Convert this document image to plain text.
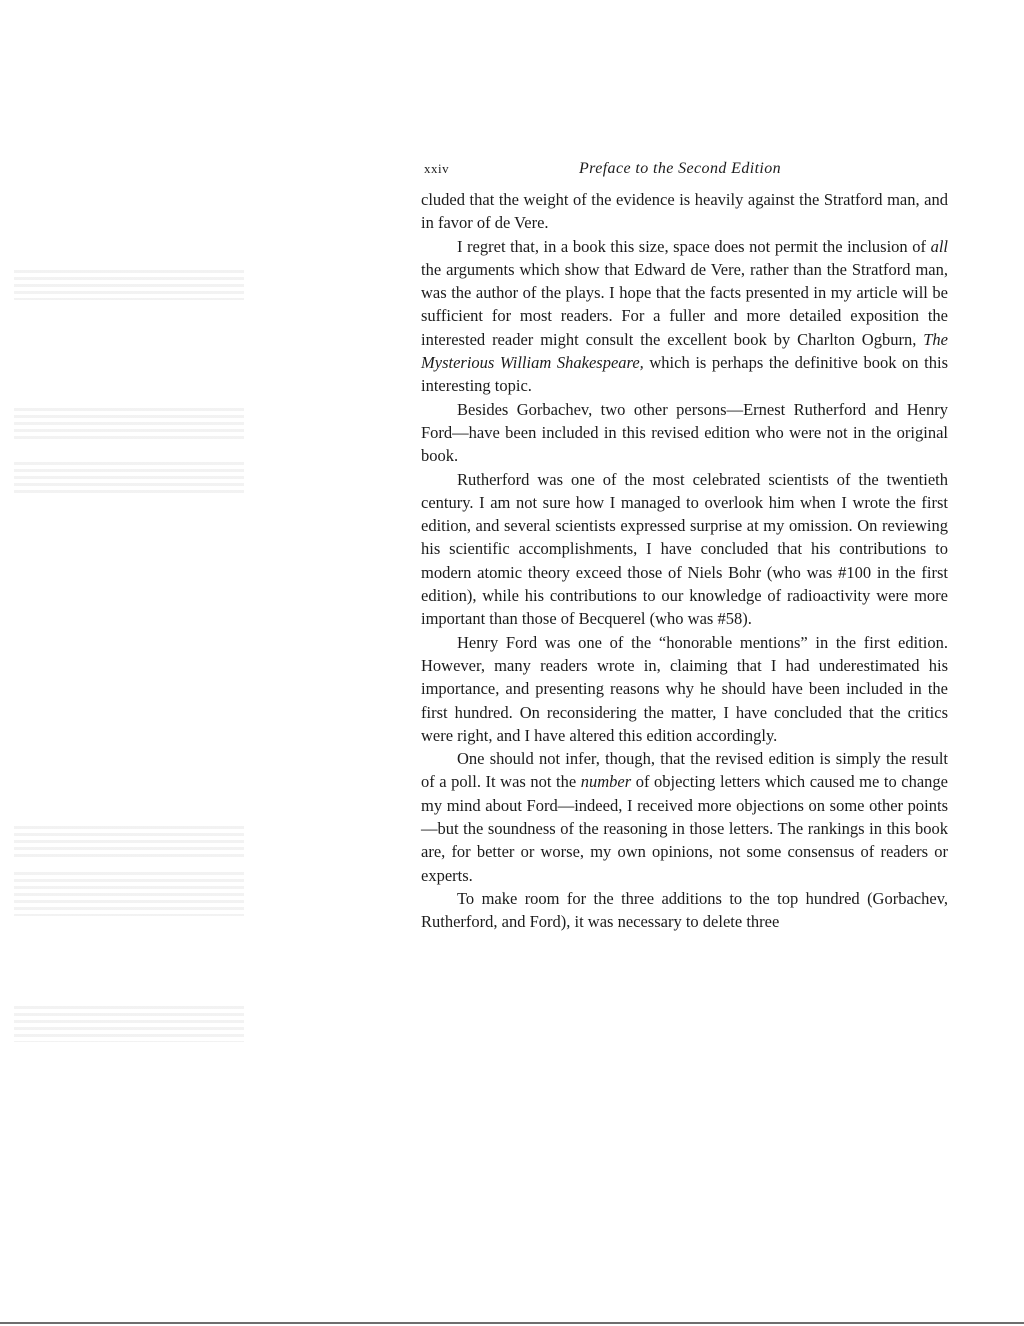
xxiv	Preface to the Second Edition

cluded that the weight of the evidence is heavily against the Stratford man, and in favor of de Vere.

I regret that, in a book this size, space does not permit the inclusion of all the arguments which show that Edward de Vere, rather than the Stratford man, was the author of the plays. I hope that the facts presented in my article will be sufficient for most readers. For a fuller and more detailed exposition the interested reader might consult the excellent book by Charlton Ogburn, The Mysterious William Shakespeare, which is perhaps the definitive book on this interesting topic.

Besides Gorbachev, two other persons—Ernest Rutherford and Henry Ford—have been included in this revised edition who were not in the original book.

Rutherford was one of the most celebrated scientists of the twentieth century. I am not sure how I managed to overlook him when I wrote the first edition, and several scientists expressed surprise at my omission. On reviewing his scientific accomplishments, I have concluded that his contributions to modern atomic theory exceed those of Niels Bohr (who was #100 in the first edition), while his contributions to our knowledge of radioactivity were more important than those of Becquerel (who was #58).

Henry Ford was one of the “honorable mentions” in the first edition. However, many readers wrote in, claiming that I had underestimated his importance, and presenting reasons why he should have been included in the first hundred. On reconsidering the matter, I have concluded that the critics were right, and I have altered this edition accordingly.

One should not infer, though, that the revised edition is simply the result of a poll. It was not the number of objecting letters which caused me to change my mind about Ford—indeed, I received more objections on some other points—but the soundness of the reasoning in those letters. The rankings in this book are, for better or worse, my own opinions, not some consensus of readers or experts.

To make room for the three additions to the top hundred (Gorbachev, Rutherford, and Ford), it was necessary to delete three
